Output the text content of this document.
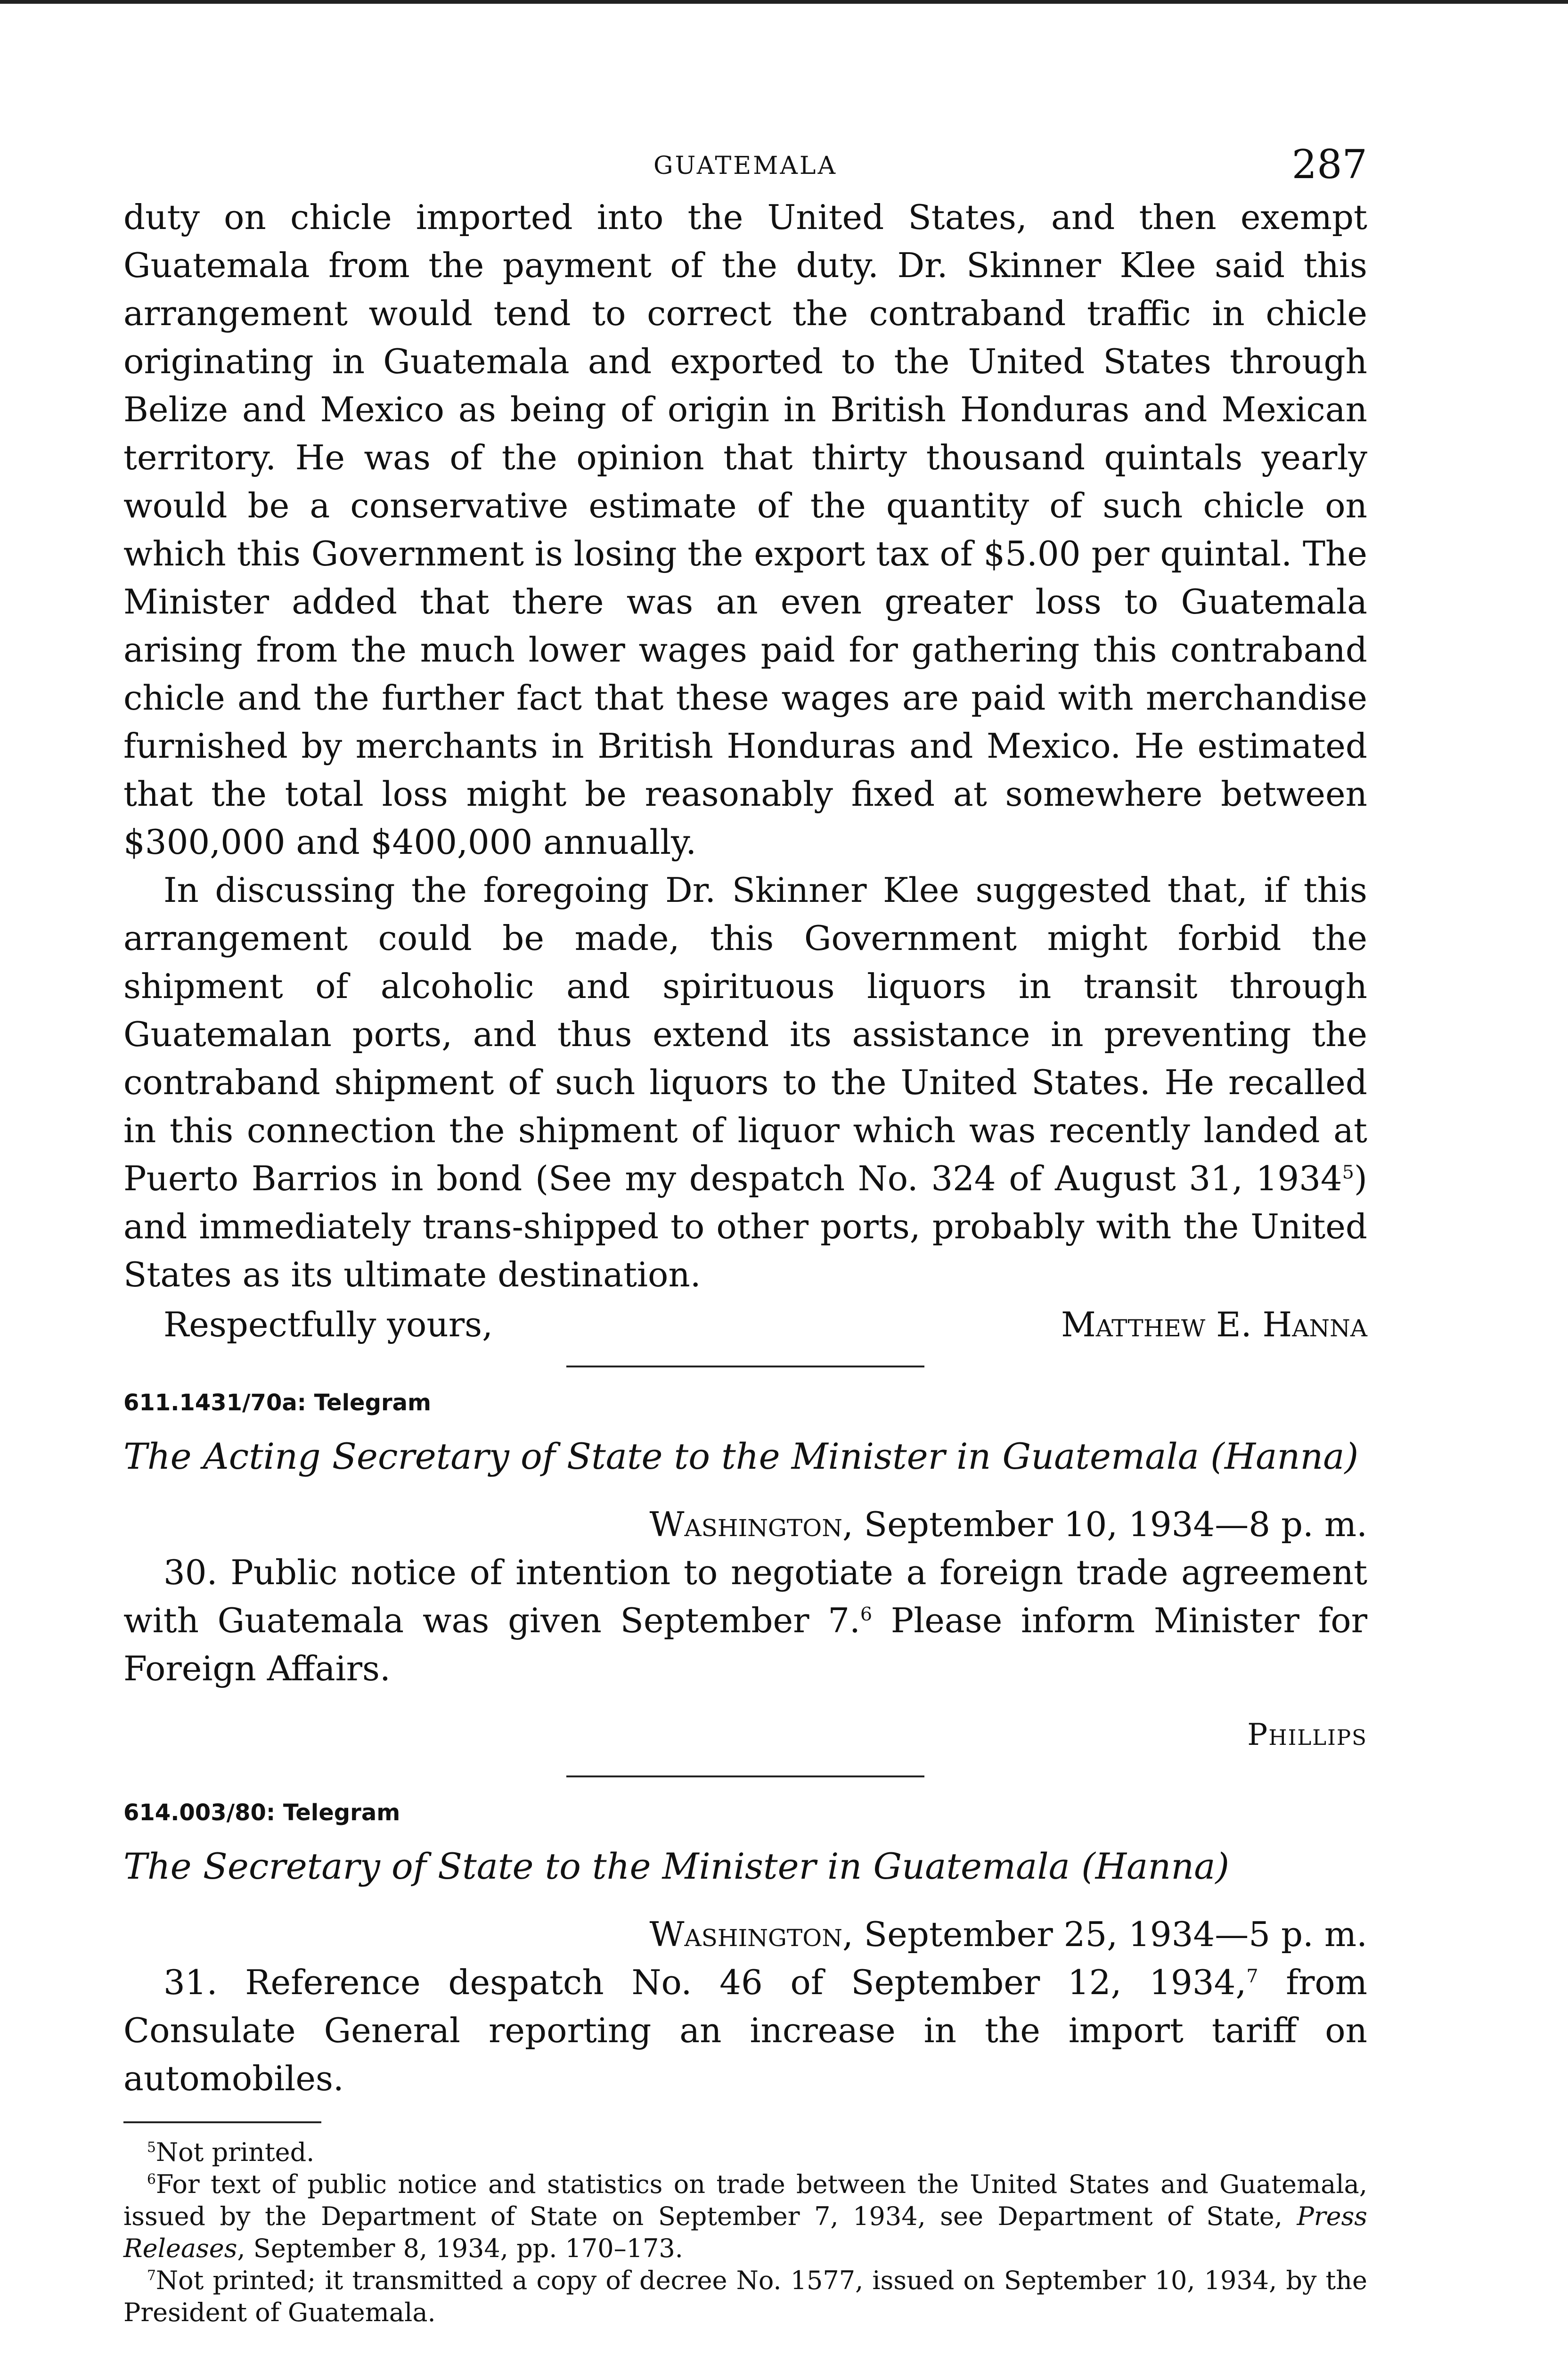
GUATEMALA	287

duty on chicle imported into the United States, and then exempt Guatemala from the payment of the duty. Dr. Skinner Klee said this arrangement would tend to correct the contraband traffic in chicle originating in Guatemala and exported to the United States through Belize and Mexico as being of origin in British Honduras and Mexican territory. He was of the opinion that thirty thousand quintals yearly would be a conservative estimate of the quantity of such chicle on which this Government is losing the export tax of $5.00 per quintal. The Minister added that there was an even greater loss to Guatemala arising from the much lower wages paid for gathering this contraband chicle and the further fact that these wages are paid with merchandise furnished by merchants in British Honduras and Mexico. He estimated that the total loss might be reasonably fixed at somewhere between $300,000 and $400,000 annually.

In discussing the foregoing Dr. Skinner Klee suggested that, if this arrangement could be made, this Government might forbid the shipment of alcoholic and spirituous liquors in transit through Guatemalan ports, and thus extend its assistance in preventing the contraband shipment of such liquors to the United States. He recalled in this connection the shipment of liquor which was recently landed at Puerto Barrios in bond (See my despatch No. 324 of August 31, 1934$^5$) and immediately trans-shipped to other ports, probably with the United States as its ultimate destination.

Respectfully yours,	Matthew E. Hanna
611.1431/70a: Telegram
The Acting Secretary of State to the Minister in Guatemala (Hanna)
Washington, September 10, 1934—8 p. m.

30. Public notice of intention to negotiate a foreign trade agreement with Guatemala was given September 7.$^6$ Please inform Minister for Foreign Affairs.

Phillips
614.003/80: Telegram
The Secretary of State to the Minister in Guatemala (Hanna)
Washington, September 25, 1934—5 p. m.

31. Reference despatch No. 46 of September 12, 1934,$^7$ from Consulate General reporting an increase in the import tariff on automobiles.

$^5$Not printed.

$^6$For text of public notice and statistics on trade between the United States and Guatemala, issued by the Department of State on September 7, 1934, see Department of State, Press Releases, September 8, 1934, pp. 170–173.

$^7$Not printed; it transmitted a copy of decree No. 1577, issued on September 10, 1934, by the President of Guatemala.
